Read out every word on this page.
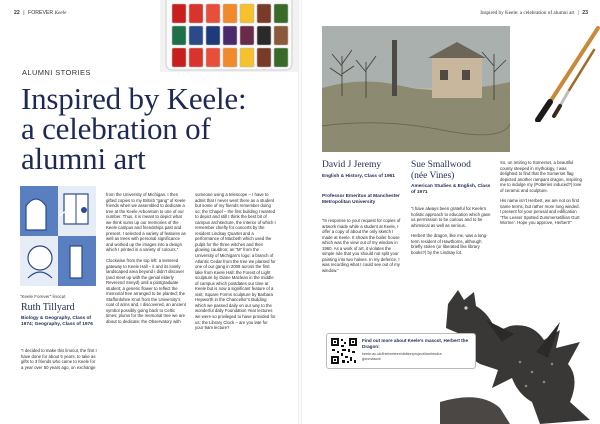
22 | FOREVER Keele
ALUMNI STORIES
Inspired by Keele:
a celebration of
alumni art
“Keele Forever” linocut
Ruth Tillyard
Biology & Geography, Class of 1974; Geography, Class of 1976
“I decided to make this linocut, the first I have done for about 5 years, to take as gifts to 3 friends who came to Keele for a year over 50 years ago, on exchange

from the University of Michigan. I then gifted copies to my British “gang” of Keele friends when we assembled to dedicate a tree at the Keele Arboretum to one of our number. Thus, it is meant to depict what we think sums up our memories of the Keele campus and friendships past and present. I selected a variety of features as well as trees with personal significance and worked up the images into a design which I printed in a variety of colours.”

Clockwise from the top left: a tentered gateway to Keele Hall – it and its lovely landscaped area beyond I didn’t discover (and meet up with the genial elderly Reverend Sneyd) until a postgraduate student; a generic flower to reflect the memorial tree arranged to be planted; the Staffordshire Knot from the University’s coat of arms and, I discovered, an ancient symbol possibly going back to Celtic times; plums for the memorial tree we are about to dedicate; the Observatory with

someone using a telescope – I have to admit that I never went there as a student but some of my friends remember doing so; the Chapel – the first building I wanted to depict and still I think the best bit of campus architecture, the interior of which I remember chiefly for concerts by the resident Lindsay Quartet and a performance of Macbeth which used the pulpit for the three witches and their glowing cauldron; an “M” from the University of Michigan’s logo; a branch of Atlantic Cedar from the tree we planted for one of our gang in 2008 across the first lake from Keele Hall; the Forest of Light sculpture by Diane Maclean in the middle of campus which postdates our time at Keele but is now a significant feature of a visit; Square Forms sculpture by Barbara Hepworth in the Chancellor’s Building which we passed daily on our way to the wonderful daily Foundation Year lectures we were so privileged to have provided for us; the Library Clock – are you late for your 9am lecture?

Inspired by Keele: a celebration of alumni art | 23
David J Jeremy
English & History, Class of 1961
Professor Emeritus at Manchester Metropolitan University
“In response to your request for copies of artwork made while a student at Keele, I offer a copy of about the only sketch I made at Keele. It shows the boiler house which was the view out of my window in 1960. As a work of art, it violates the simple rule that you should not split your painting into two halves. In my defence, I was recording what I could see out of my window.”
Sue Smallwood
(née Vines)
American Studies & English, Class of 1971

“I have always been grateful for Keele’s holistic approach to education which gave us permission to be curious and to be whimsical as well as serious.

Herbert the dragon, like me, was a long-term resident of Hawthorns, although briefly stolen (or liberated like library books?) by the Lindsay lot.

So, on retiring to Somerset, a beautiful county steeped in mythology, I was delighted to find that the Somerset flag depicted another rampant dragon, inspiring me to indulge my (Potteries induced?) love of ceramic and sculpture.

His name isn’t Herbert, we are not on first name terms, but rather more long winded. I present for your perusal and edification ‘The Lesser Spotted Zummersetillian Gurt Worme’. Hope you approve, Herbert!”

Find out more about Keele’s mascot, Herbert the Dragon:
keele.ac.uk/thekeeleexhibitionproject/keelesdragonmascot
